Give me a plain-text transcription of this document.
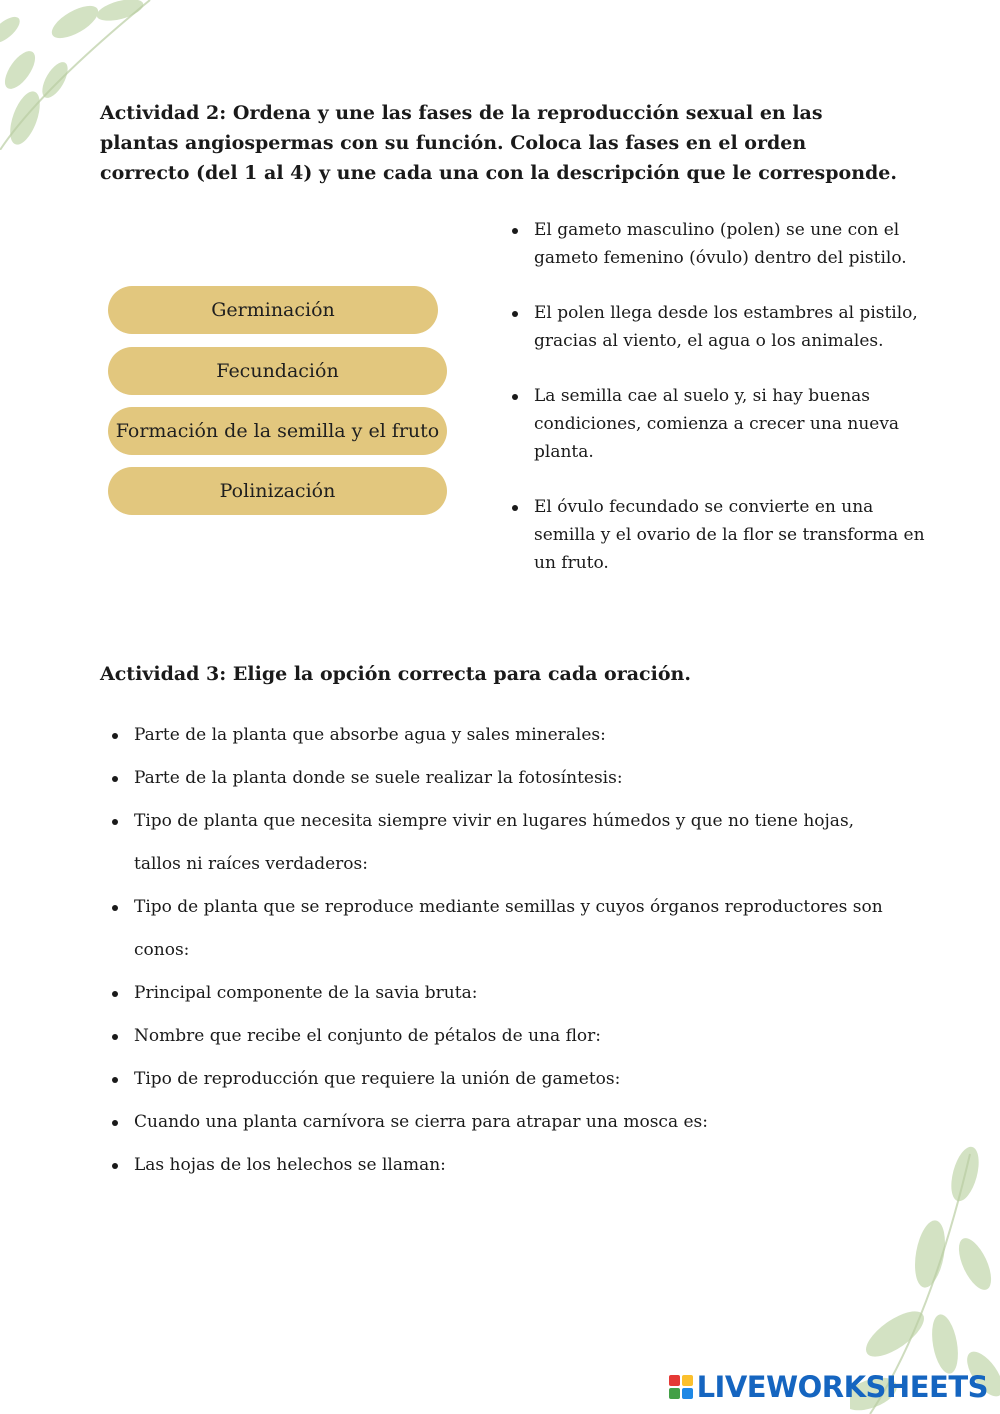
Actividad 2: Ordena y une las fases de la reproducción sexual en las plantas angiospermas con su función. Coloca las fases en el orden correcto (del 1 al 4) y une cada una con la descripción que le corresponde.
Germinación
Fecundación
Formación de la semilla y el fruto
Polinización
El gameto masculino (polen) se une con el gameto femenino (óvulo) dentro del pistilo.
El polen llega desde los estambres al pistilo, gracias al viento, el agua o los animales.
La semilla cae al suelo y, si hay buenas condiciones, comienza a crecer una nueva planta.
El óvulo fecundado se convierte en una semilla y el ovario de la flor se transforma en un fruto.
Actividad 3: Elige la opción correcta para cada oración.
Parte de la planta que absorbe agua y sales minerales:
Parte de la planta donde se suele realizar la fotosíntesis:
Tipo de planta que necesita siempre vivir en lugares húmedos y que no tiene hojas, tallos ni raíces verdaderos:
Tipo de planta que se reproduce mediante semillas y cuyos órganos reproductores son conos:
Principal componente de la savia bruta:
Nombre que recibe el conjunto de pétalos de una flor:
Tipo de reproducción que requiere la unión de gametos:
Cuando una planta carnívora se cierra para atrapar una mosca es:
Las hojas de los helechos se llaman:
LIVEWORKSHEETS
